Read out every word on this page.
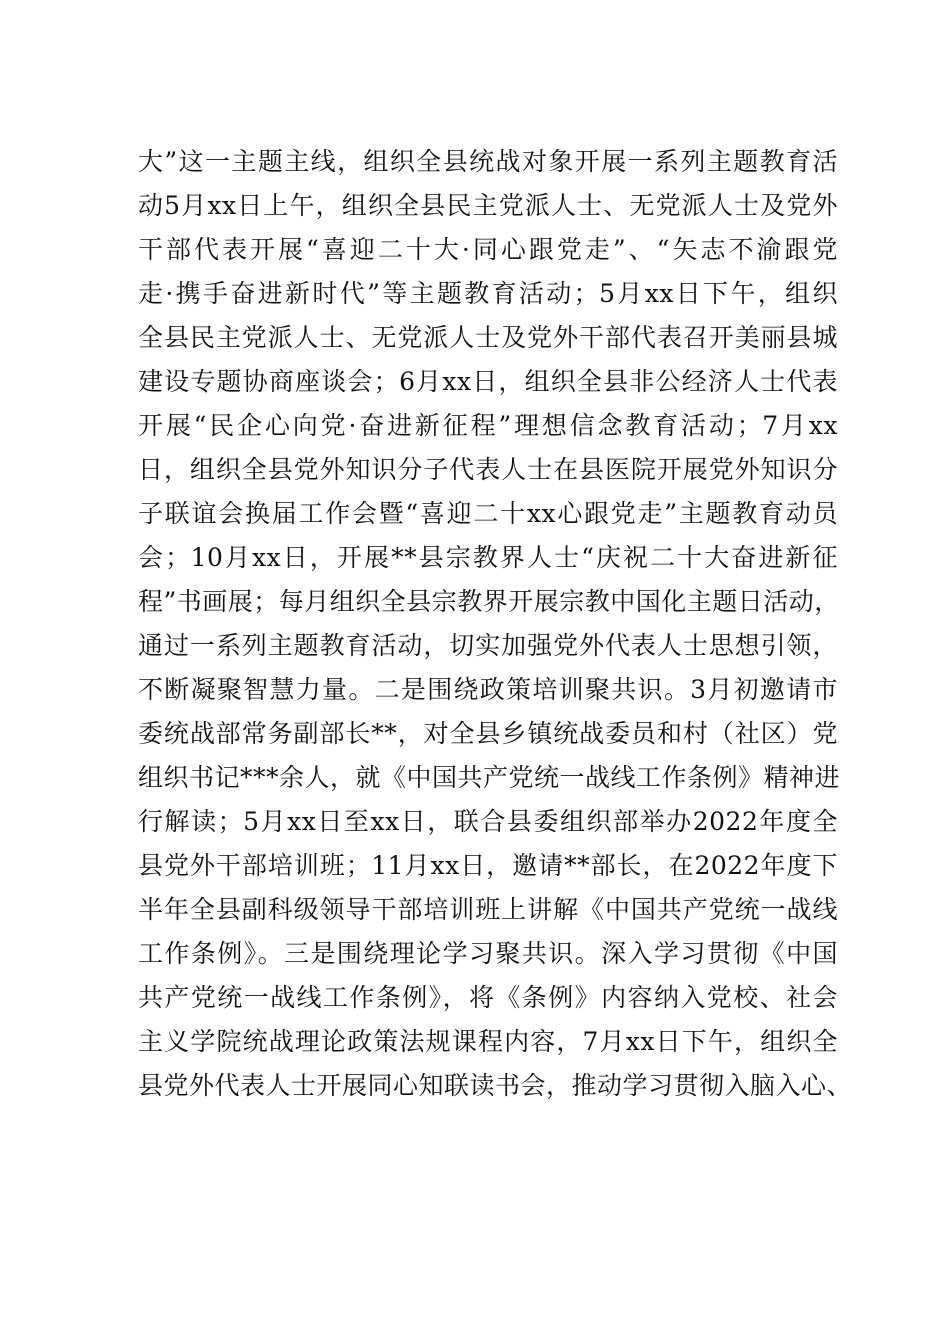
大”这一主题主线，组织全县统战对象开展一系列主题教育活
动5月xx日上午，组织全县民主党派人士、无党派人士及党外
干部代表开展“喜迎二十大·同心跟党走”、“矢志不渝跟党
走·携手奋进新时代”等主题教育活动；5月xx日下午，组织
全县民主党派人士、无党派人士及党外干部代表召开美丽县城
建设专题协商座谈会；6月xx日，组织全县非公经济人士代表
开展“民企心向党·奋进新征程”理想信念教育活动；7月xx
日，组织全县党外知识分子代表人士在县医院开展党外知识分
子联谊会换届工作会暨“喜迎二十xx心跟党走”主题教育动员
会；10月xx日，开展**县宗教界人士“庆祝二十大奋进新征
程”书画展；每月组织全县宗教界开展宗教中国化主题日活动，
通过一系列主题教育活动，切实加强党外代表人士思想引领，
不断凝聚智慧力量。二是围绕政策培训聚共识。3月初邀请市
委统战部常务副部长**，对全县乡镇统战委员和村（社区）党
组织书记***余人，就《中国共产党统一战线工作条例》精神进
行解读；5月xx日至xx日，联合县委组织部举办2022年度全
县党外干部培训班；11月xx日，邀请**部长，在2022年度下
半年全县副科级领导干部培训班上讲解《中国共产党统一战线
工作条例》。三是围绕理论学习聚共识。深入学习贯彻《中国
共产党统一战线工作条例》，将《条例》内容纳入党校、社会
主义学院统战理论政策法规课程内容，7月xx日下午，组织全
县党外代表人士开展同心知联读书会，推动学习贯彻入脑入心、
